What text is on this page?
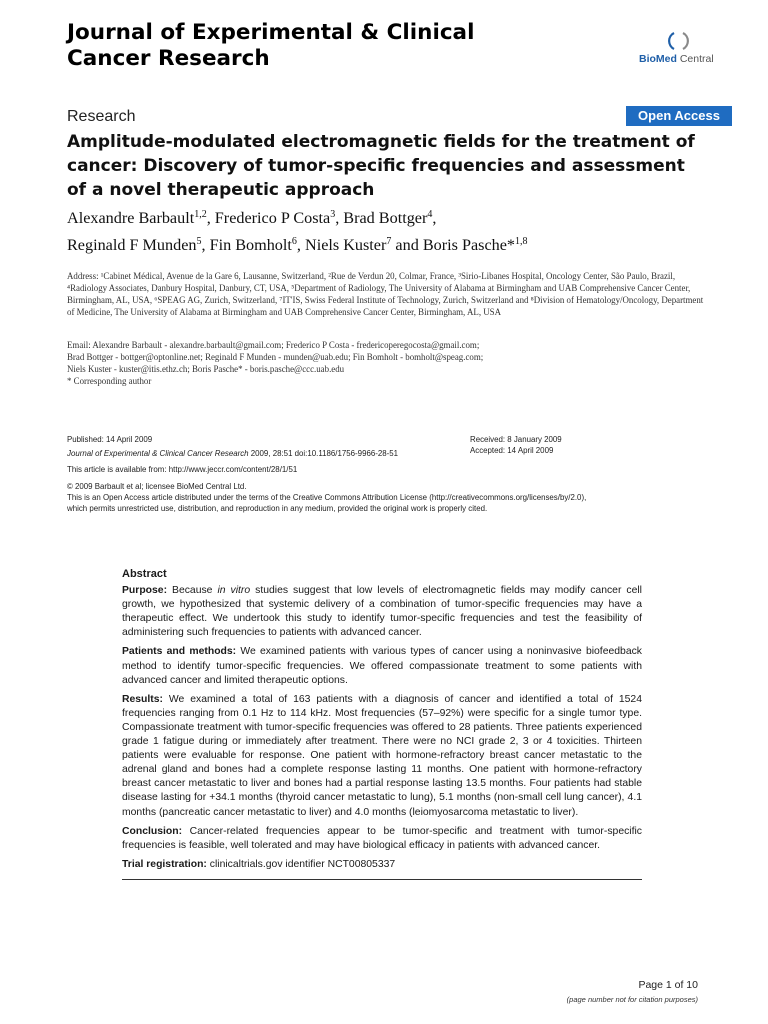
Journal of Experimental & Clinical
Cancer Research	BioMed Central
Research	Open Access
Amplitude-modulated electromagnetic fields for the treatment of cancer: Discovery of tumor-specific frequencies and assessment of a novel therapeutic approach
Alexandre Barbault$^{1,2}$, Frederico P Costa$^3$, Brad Bottger$^4$,
Reginald F Munden$^5$, Fin Bomholt$^6$, Niels Kuster$^7$ and Boris Pasche*$^{1,8}$
Address: ¹Cabinet Médical, Avenue de la Gare 6, Lausanne, Switzerland, ²Rue de Verdun 20, Colmar, France, ³Sirio-Libanes Hospital, Oncology Center, São Paulo, Brazil, ⁴Radiology Associates, Danbury Hospital, Danbury, CT, USA, ⁵Department of Radiology, The University of Alabama at Birmingham and UAB Comprehensive Cancer Center, Birmingham, AL, USA, ⁶SPEAG AG, Zurich, Switzerland, ⁷IT'IS, Swiss Federal Institute of Technology, Zurich, Switzerland and ⁸Division of Hematology/Oncology, Department of Medicine, The University of Alabama at Birmingham and UAB Comprehensive Cancer Center, Birmingham, AL, USA
Email: Alexandre Barbault - alexandre.barbault@gmail.com; Frederico P Costa - fredericoperegocosta@gmail.com;
Brad Bottger - bottger@optonline.net; Reginald F Munden - munden@uab.edu; Fin Bomholt - bomholt@speag.com;
Niels Kuster - kuster@itis.ethz.ch; Boris Pasche* - boris.pasche@ccc.uab.edu
* Corresponding author
Published: 14 April 2009
Journal of Experimental & Clinical Cancer Research 2009, 28:51 doi:10.1186/1756-9966-28-51
This article is available from: http://www.jeccr.com/content/28/1/51
© 2009 Barbault et al; licensee BioMed Central Ltd.
This is an Open Access article distributed under the terms of the Creative Commons Attribution License (http://creativecommons.org/licenses/by/2.0),
which permits unrestricted use, distribution, and reproduction in any medium, provided the original work is properly cited.
Received: 8 January 2009
Accepted: 14 April 2009
Abstract

Purpose: Because in vitro studies suggest that low levels of electromagnetic fields may modify cancer cell growth, we hypothesized that systemic delivery of a combination of tumor-specific frequencies may have a therapeutic effect. We undertook this study to identify tumor-specific frequencies and test the feasibility of administering such frequencies to patients with advanced cancer.

Patients and methods: We examined patients with various types of cancer using a noninvasive biofeedback method to identify tumor-specific frequencies. We offered compassionate treatment to some patients with advanced cancer and limited therapeutic options.

Results: We examined a total of 163 patients with a diagnosis of cancer and identified a total of 1524 frequencies ranging from 0.1 Hz to 114 kHz. Most frequencies (57–92%) were specific for a single tumor type. Compassionate treatment with tumor-specific frequencies was offered to 28 patients. Three patients experienced grade 1 fatigue during or immediately after treatment. There were no NCI grade 2, 3 or 4 toxicities. Thirteen patients were evaluable for response. One patient with hormone-refractory breast cancer metastatic to the adrenal gland and bones had a complete response lasting 11 months. One patient with hormone-refractory breast cancer metastatic to liver and bones had a partial response lasting 13.5 months. Four patients had stable disease lasting for +34.1 months (thyroid cancer metastatic to lung), 5.1 months (non-small cell lung cancer), 4.1 months (pancreatic cancer metastatic to liver) and 4.0 months (leiomyosarcoma metastatic to liver).

Conclusion: Cancer-related frequencies appear to be tumor-specific and treatment with tumor-specific frequencies is feasible, well tolerated and may have biological efficacy in patients with advanced cancer.

Trial registration: clinicaltrials.gov identifier NCT00805337

Page 1 of 10
(page number not for citation purposes)
